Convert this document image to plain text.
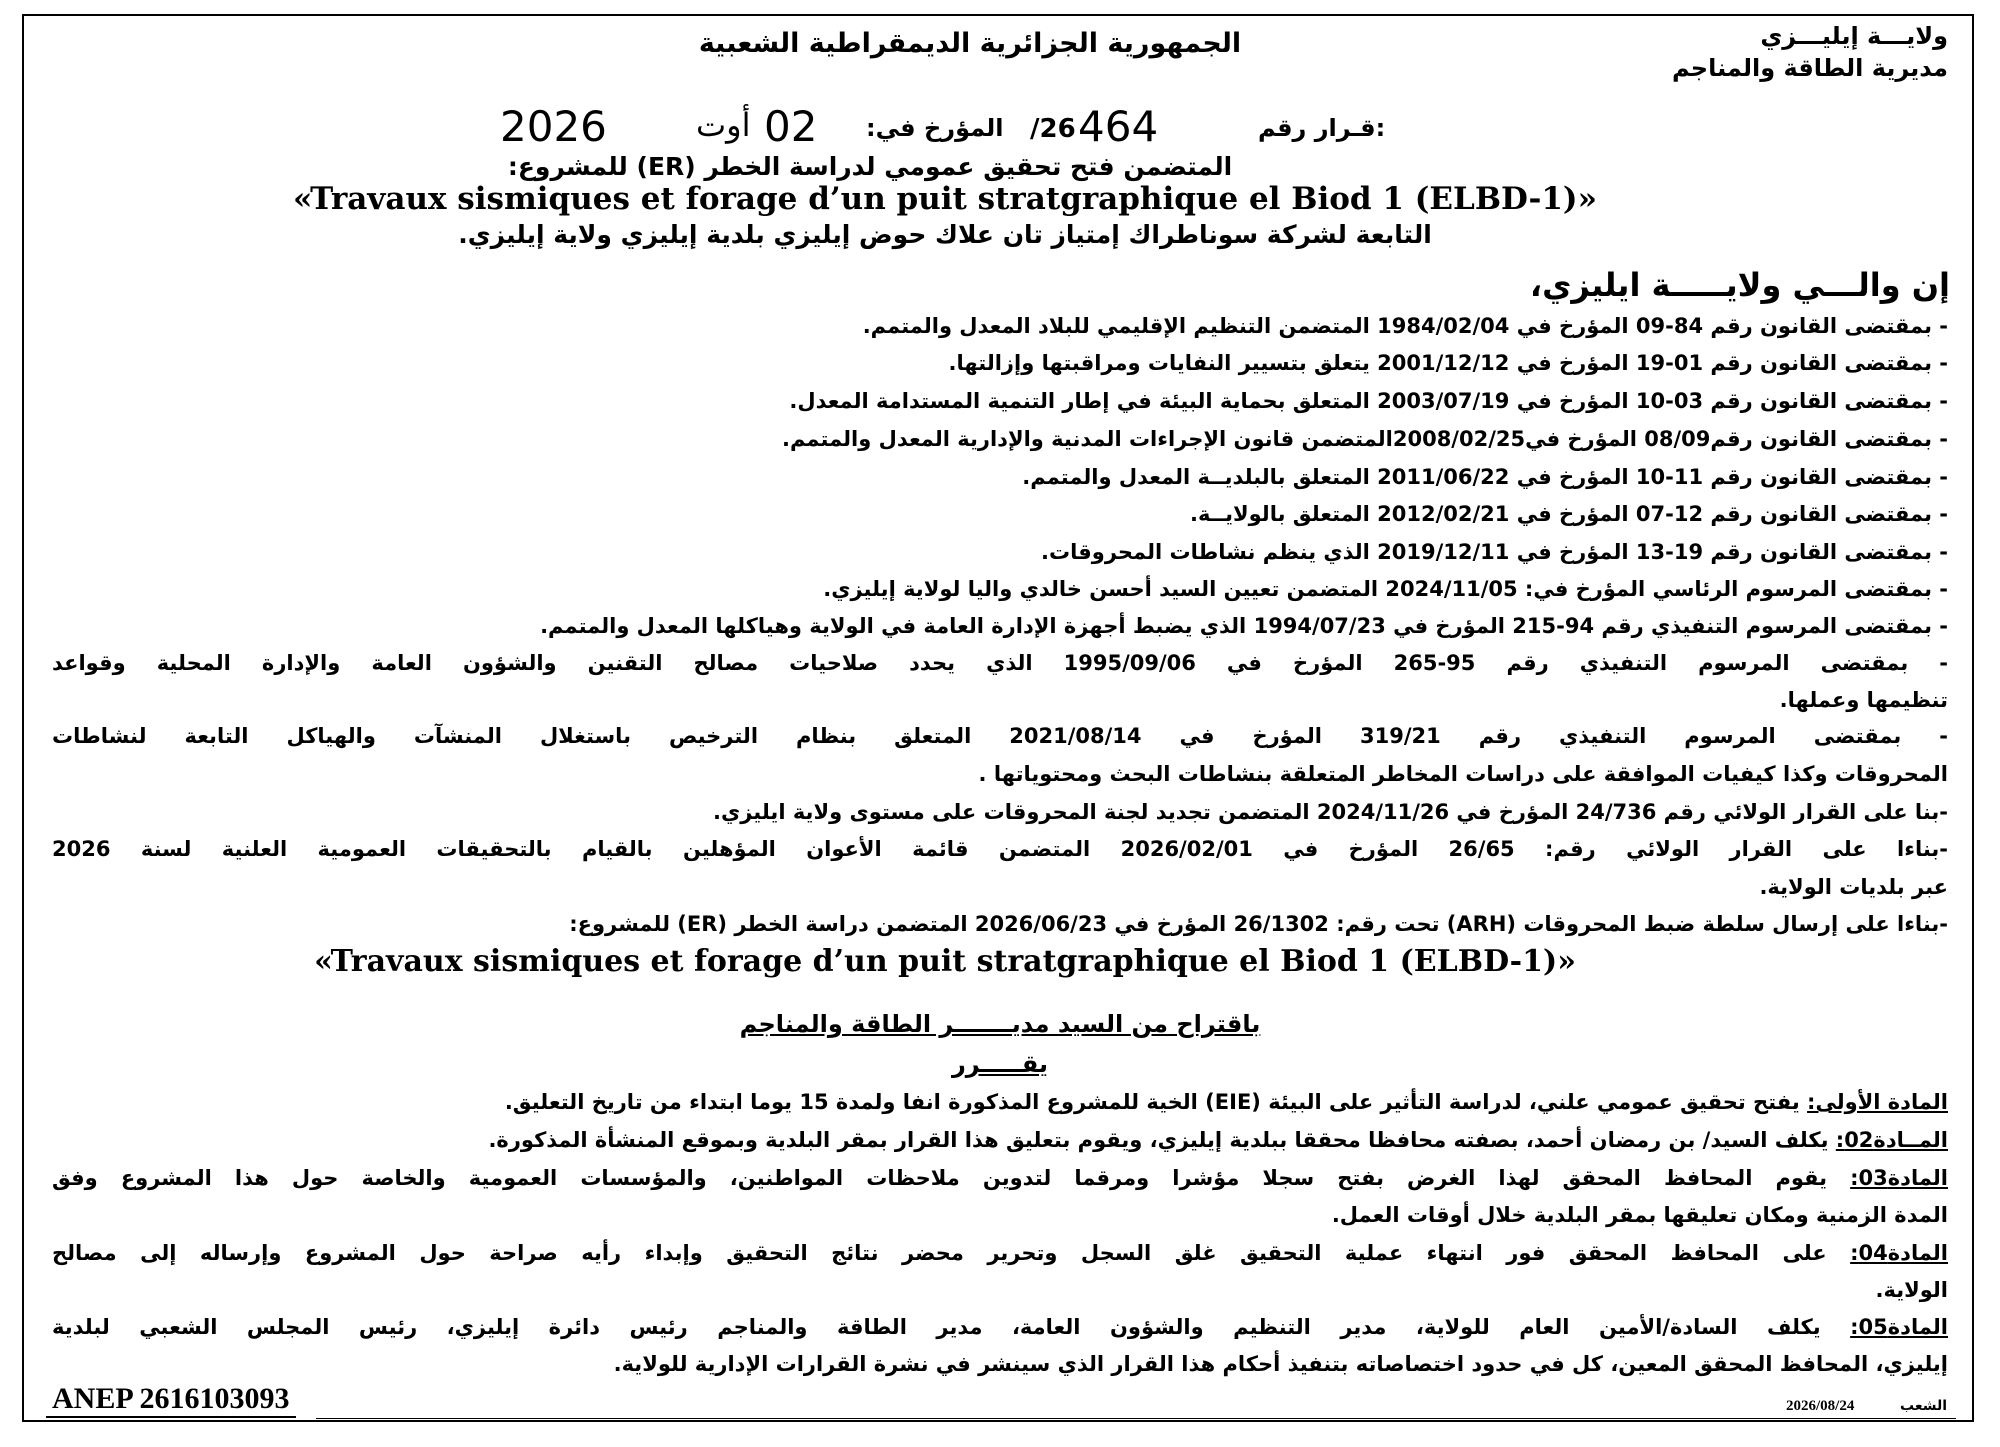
الجمهورية الجزائرية الديمقراطية الشعبية	ولايـــة إيليـــزي
مديرية الطاقة والمناجم
قـرار رقم:
464
/26
المؤرخ في:
02
أوت
2026
المتضمن فتح تحقيق عمومي لدراسة الخطر (ER) للمشروع:
«Travaux sismiques et forage d’un puit stratgraphique el Biod 1 (ELBD-1)»
التابعة لشركة سوناطراك إمتياز تان علاك حوض إيليزي بلدية إيليزي ولاية إيليزي.
إن والـــي ولايـــــة ايليزي،
- بمقتضى القانون رقم 84-09 المؤرخ في 1984/02/04 المتضمن التنظيم الإقليمي للبلاد المعدل والمتمم.
- بمقتضى القانون رقم 01-19 المؤرخ في 2001/12/12 يتعلق بتسيير النفايات ومراقبتها وإزالتها.
- بمقتضى القانون رقم 03-10 المؤرخ في 2003/07/19 المتعلق بحماية البيئة في إطار التنمية المستدامة المعدل.
- بمقتضى القانون رقم08/09 المؤرخ في2008/02/25المتضمن قانون الإجراءات المدنية والإدارية المعدل والمتمم.
- بمقتضى القانون رقم 11-10 المؤرخ في 2011/06/22 المتعلق بالبلديــة المعدل والمتمم.
- بمقتضى القانون رقم 12-07 المؤرخ في 2012/02/21 المتعلق بالولايــة.
- بمقتضى القانون رقم 19-13 المؤرخ في 2019/12/11 الذي ينظم نشاطات المحروقات.
- بمقتضى المرسوم الرئاسي المؤرخ في: 2024/11/05 المتضمن تعيين السيد أحسن خالدي واليا لولاية إيليزي.
- بمقتضى المرسوم التنفيذي رقم 94-215 المؤرخ في 1994/07/23 الذي يضبط أجهزة الإدارة العامة في الولاية وهياكلها المعدل والمتمم.
- بمقتضى المرسوم التنفيذي رقم 95-265 المؤرخ في 1995/09/06 الذي يحدد صلاحيات مصالح التقنين والشؤون العامة والإدارة المحلية وقواعد
تنظيمها وعملها.
- بمقتضى المرسوم التنفيذي رقم 319/21 المؤرخ في 2021/08/14 المتعلق بنظام الترخيص باستغلال المنشآت والهياكل التابعة لنشاطات
المحروقات وكذا كيفيات الموافقة على دراسات المخاطر المتعلقة بنشاطات البحث ومحتوياتها .
-بنا على القرار الولائي رقم 24/736 المؤرخ في 2024/11/26 المتضمن تجديد لجنة المحروقات على مستوى ولاية ايليزي.
-بناءا على القرار الولائي رقم: 26/65 المؤرخ في 2026/02/01 المتضمن قائمة الأعوان المؤهلين بالقيام بالتحقيقات العمومية العلنية لسنة 2026
عبر بلديات الولاية.
-بناءا على إرسال سلطة ضبط المحروقات (ARH) تحت رقم: 26/1302 المؤرخ في 2026/06/23 المتضمن دراسة الخطر (ER) للمشروع:
«Travaux sismiques et forage d’un puit stratgraphique el Biod 1 (ELBD-1)»
باقتراح من السيد مديـــــــر الطاقة والمناجم
يقـــــرر
المادة الأولى: يفتح تحقيق عمومي علني، لدراسة التأثير على البيئة (EIE) الخية للمشروع المذكورة انفا ولمدة 15 يوما ابتداء من تاريخ التعليق.
المــادة02: يكلف السيد/ بن رمضان أحمد، بصفته محافظا محققا ببلدية إيليزي، ويقوم بتعليق هذا القرار بمقر البلدية وبموقع المنشأة المذكورة.
المادة03: يقوم المحافظ المحقق لهذا الغرض بفتح سجلا مؤشرا ومرقما لتدوين ملاحظات المواطنين، والمؤسسات العمومية والخاصة حول هذا المشروع وفق
المدة الزمنية ومكان تعليقها بمقر البلدية خلال أوقات العمل.
المادة04: على المحافظ المحقق فور انتهاء عملية التحقيق غلق السجل وتحرير محضر نتائج التحقيق وإبداء رأيه صراحة حول المشروع وإرساله إلى مصالح
الولاية.
المادة05: يكلف السادة/الأمين العام للولاية، مدير التنظيم والشؤون العامة، مدير الطاقة والمناجم رئيس دائرة إيليزي، رئيس المجلس الشعبي لبلدية
إيليزي، المحافظ المحقق المعين، كل في حدود اختصاصاته بتنفيذ أحكام هذا القرار الذي سينشر في نشرة القرارات الإدارية للولاية.
ANEP 2616103093	2026/08/24	الشعب
